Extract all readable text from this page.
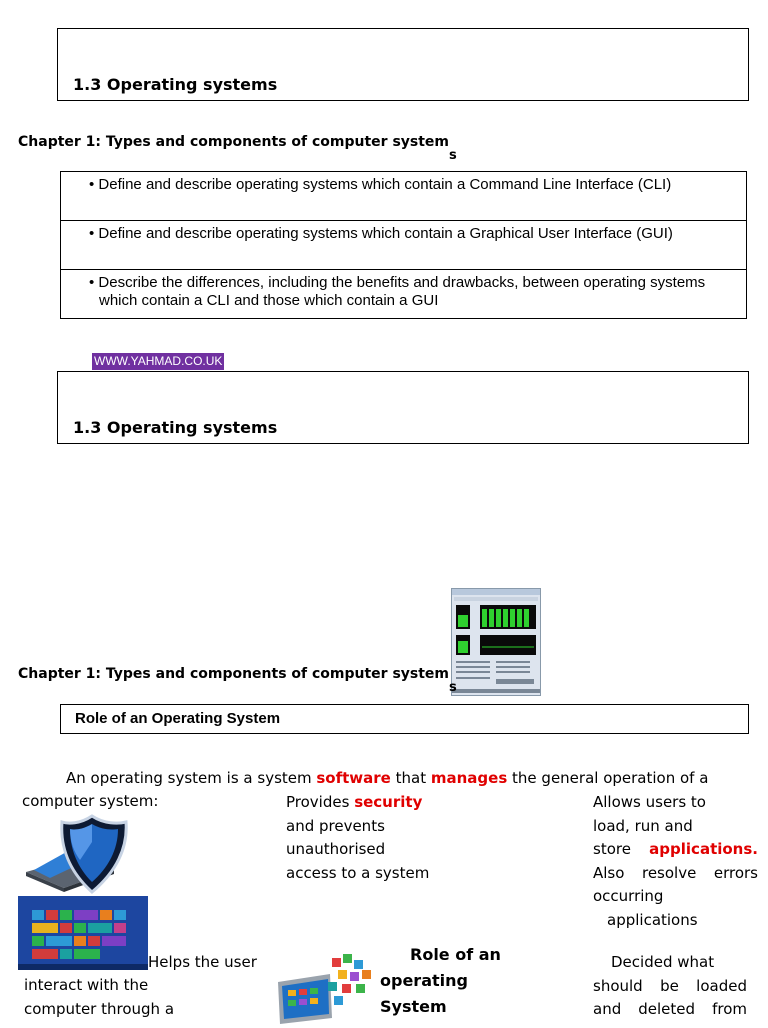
1.3 Operating systems
Chapter 1: Types and components of computer system
s
• Define and describe operating systems which contain a Command Line Interface (CLI)

• Define and describe operating systems which contain a Graphical User Interface (GUI)

• Describe the differences, including the benefits and drawbacks, between operating systems which contain a CLI and those which contain a GUI
WWW.YAHMAD.CO.UK
1.3 Operating systems
Chapter 1: Types and components of computer system
s
Role of an Operating System
An operating system is a system software that manages the general operation of a
computer system:	Provides security
and prevents
unauthorised
access to a system
Allows users to
load, run and
store applications.
Also resolve errors
occurring
applications
Helps the user
interact with the
computer through a
Role of an
operating
System
Decided what
should be loaded
and deleted from
